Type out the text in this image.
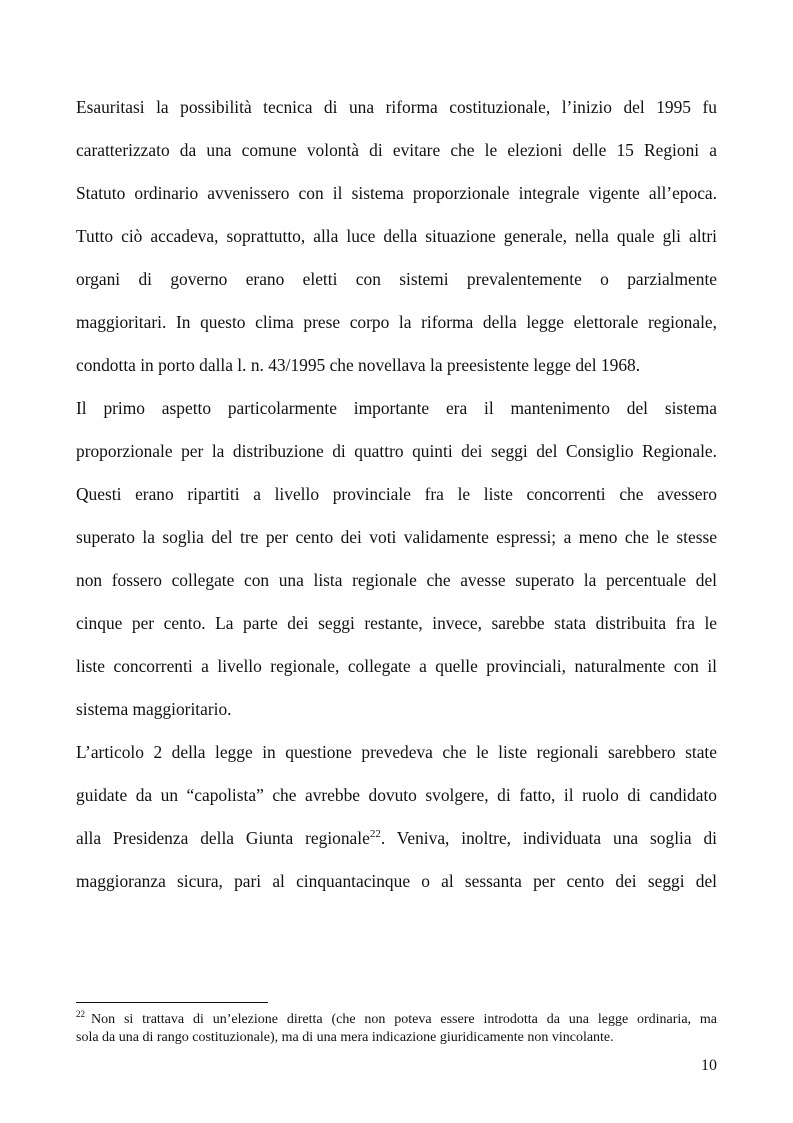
Esauritasi la possibilità tecnica di una riforma costituzionale, l’inizio del 1995 fu
caratterizzato da una comune volontà di evitare che le elezioni delle 15 Regioni a
Statuto ordinario avvenissero con il sistema proporzionale integrale vigente all’epoca.
Tutto ciò accadeva, soprattutto, alla luce della situazione generale, nella quale gli altri
organi di governo erano eletti con sistemi prevalentemente o parzialmente
maggioritari. In questo clima prese corpo la riforma della legge elettorale regionale,
condotta in porto dalla l. n. 43/1995 che novellava la preesistente legge del 1968.
Il primo aspetto particolarmente importante era il mantenimento del sistema
proporzionale per la distribuzione di quattro quinti dei seggi del Consiglio Regionale.
Questi erano ripartiti a livello provinciale fra le liste concorrenti che avessero
superato la soglia del tre per cento dei voti validamente espressi; a meno che le stesse
non fossero collegate con una lista regionale che avesse superato la percentuale del
cinque per cento. La parte dei seggi restante, invece, sarebbe stata distribuita fra le
liste concorrenti a livello regionale, collegate a quelle provinciali, naturalmente con il
sistema maggioritario.
L’articolo 2 della legge in questione prevedeva che le liste regionali sarebbero state
guidate da un “capolista” che avrebbe dovuto svolgere, di fatto, il ruolo di candidato
alla Presidenza della Giunta regionale$^{22}$. Veniva, inoltre, individuata una soglia di
maggioranza sicura, pari al cinquantacinque o al sessanta per cento dei seggi del
$^{22}$ Non si trattava di un’elezione diretta (che non poteva essere introdotta da una legge ordinaria, ma
sola da una di rango costituzionale), ma di una mera indicazione giuridicamente non vincolante.
10
